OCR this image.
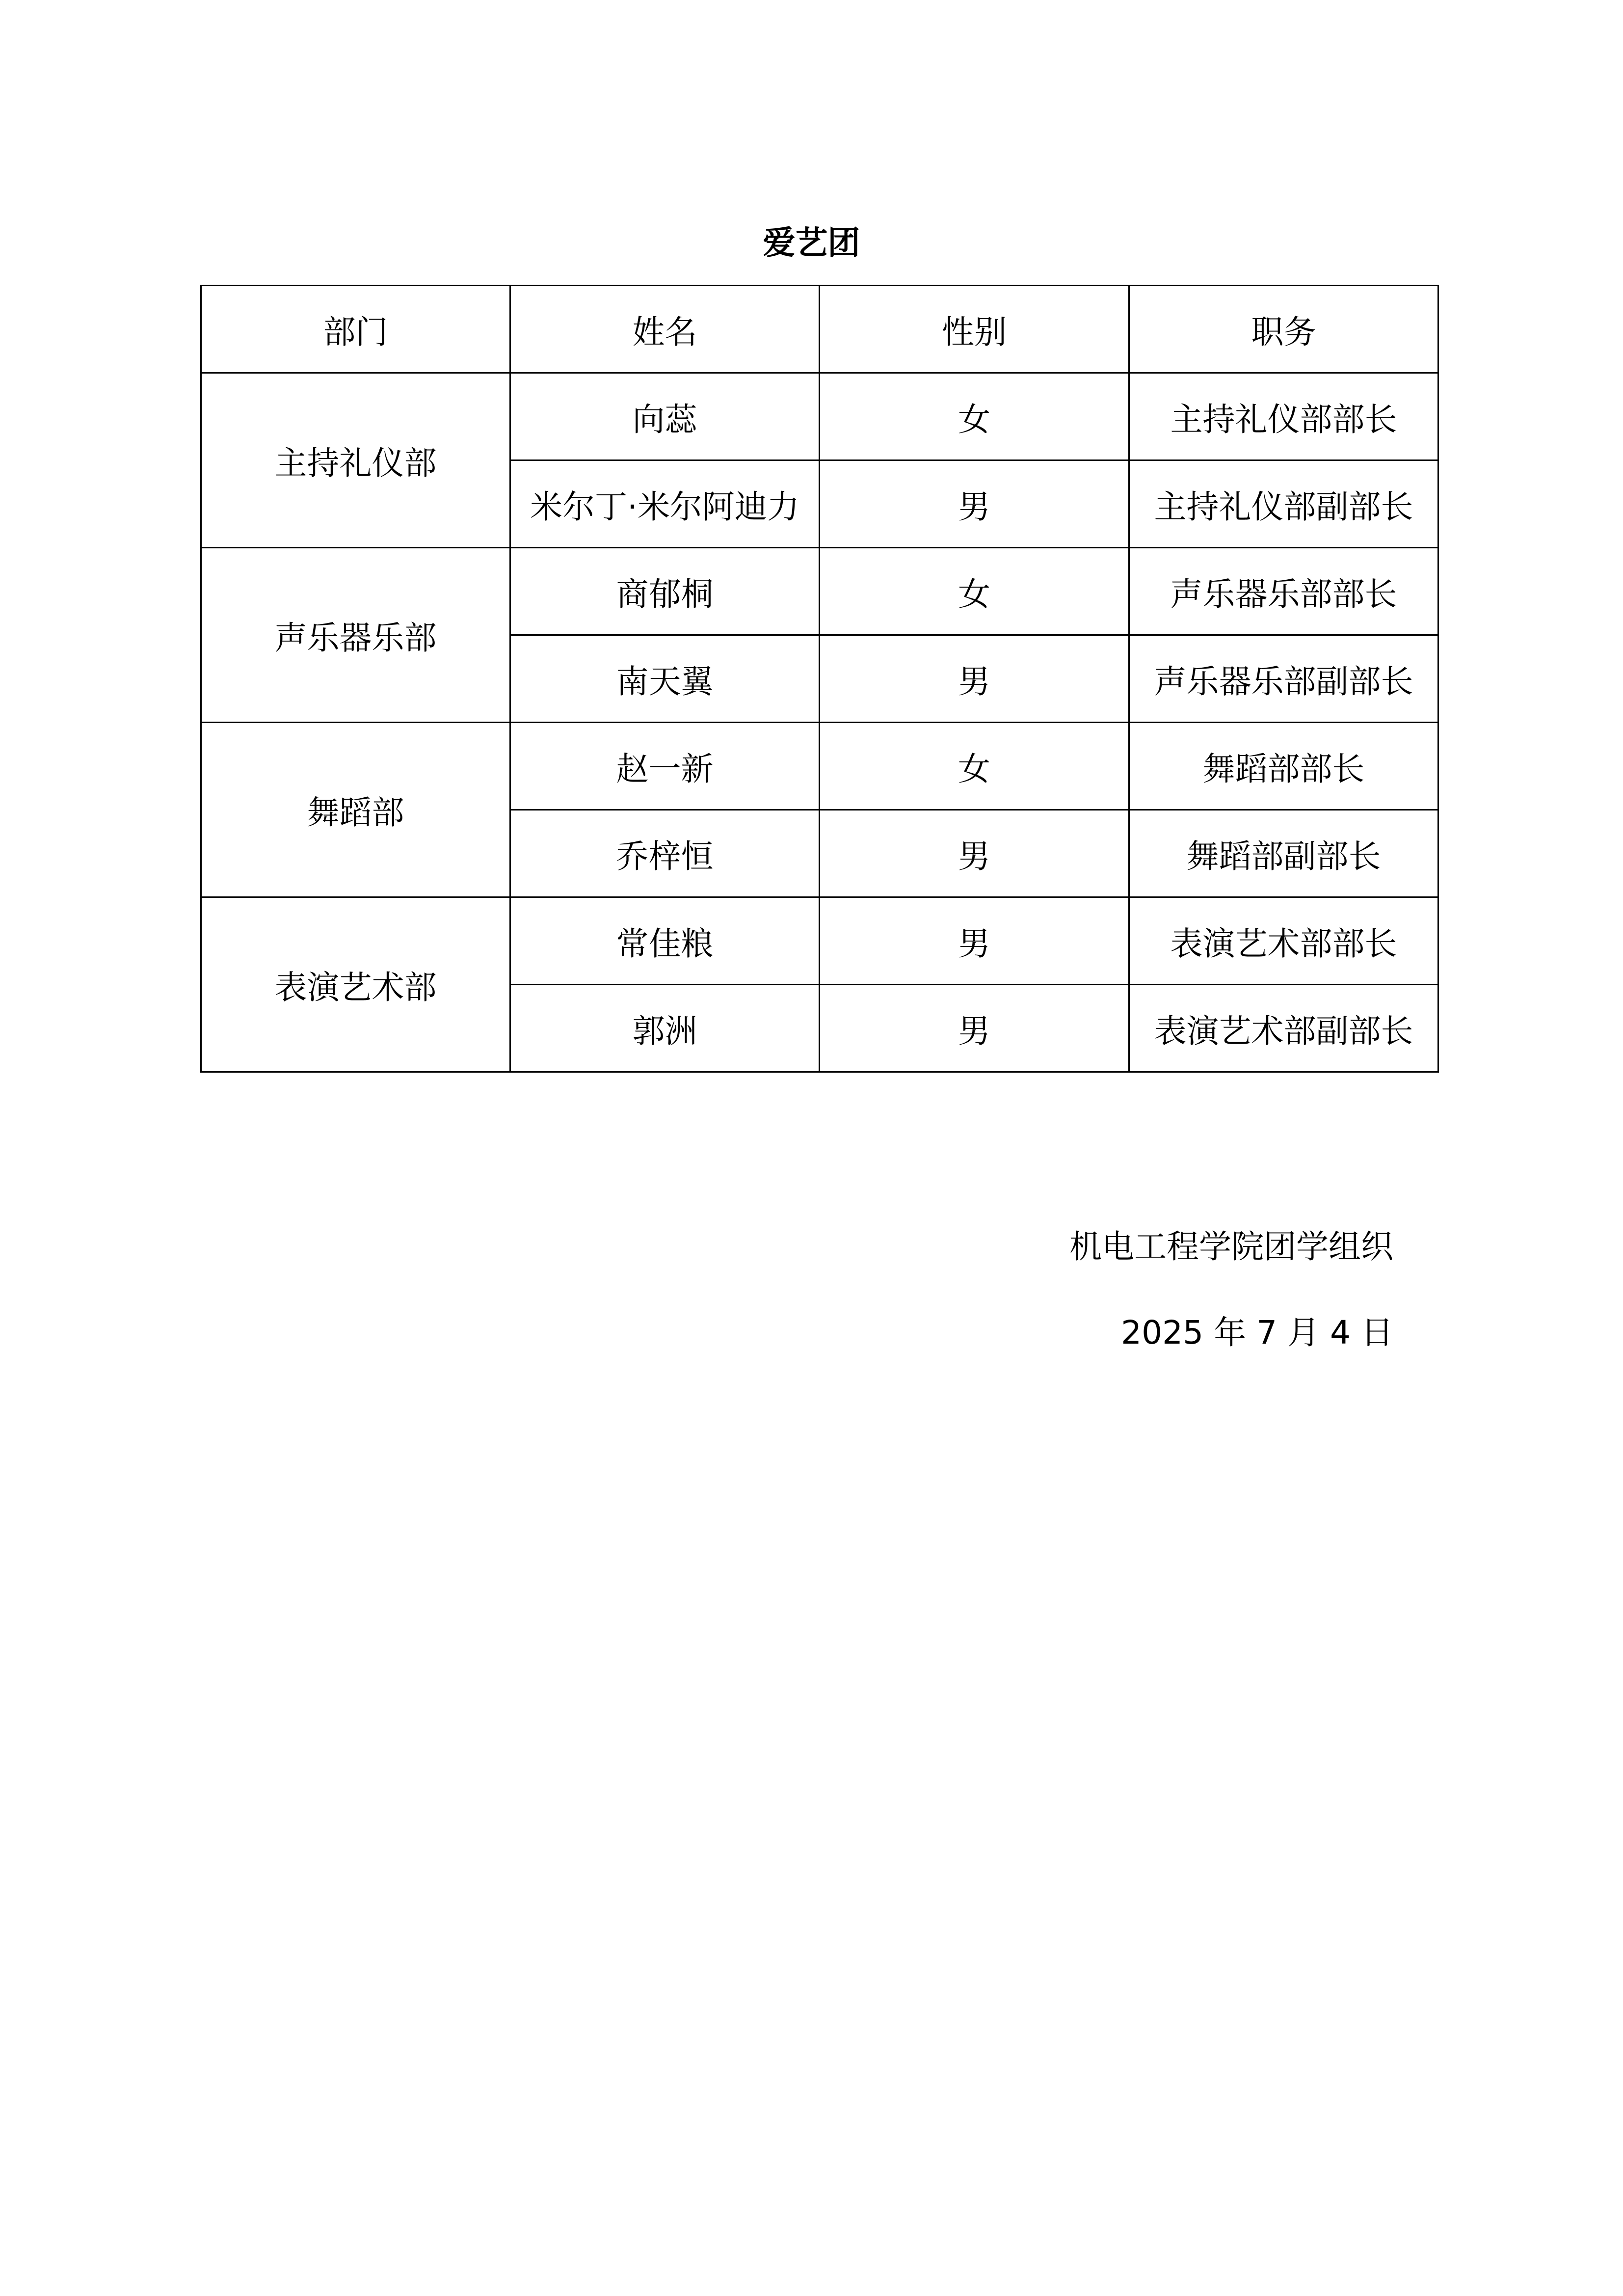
爱艺团
部门	姓名	性别	职务
主持礼仪部	向蕊	女	主持礼仪部部长
	米尔丁·米尔阿迪力	男	主持礼仪部副部长
声乐器乐部	商郁桐	女	声乐器乐部部长
	南天翼	男	声乐器乐部副部长
舞蹈部	赵一新	女	舞蹈部部长
	乔梓恒	男	舞蹈部副部长
表演艺术部	常佳粮	男	表演艺术部部长
	郭洲	男	表演艺术部副部长
机电工程学院团学组织
2025 年 7 月 4 日
